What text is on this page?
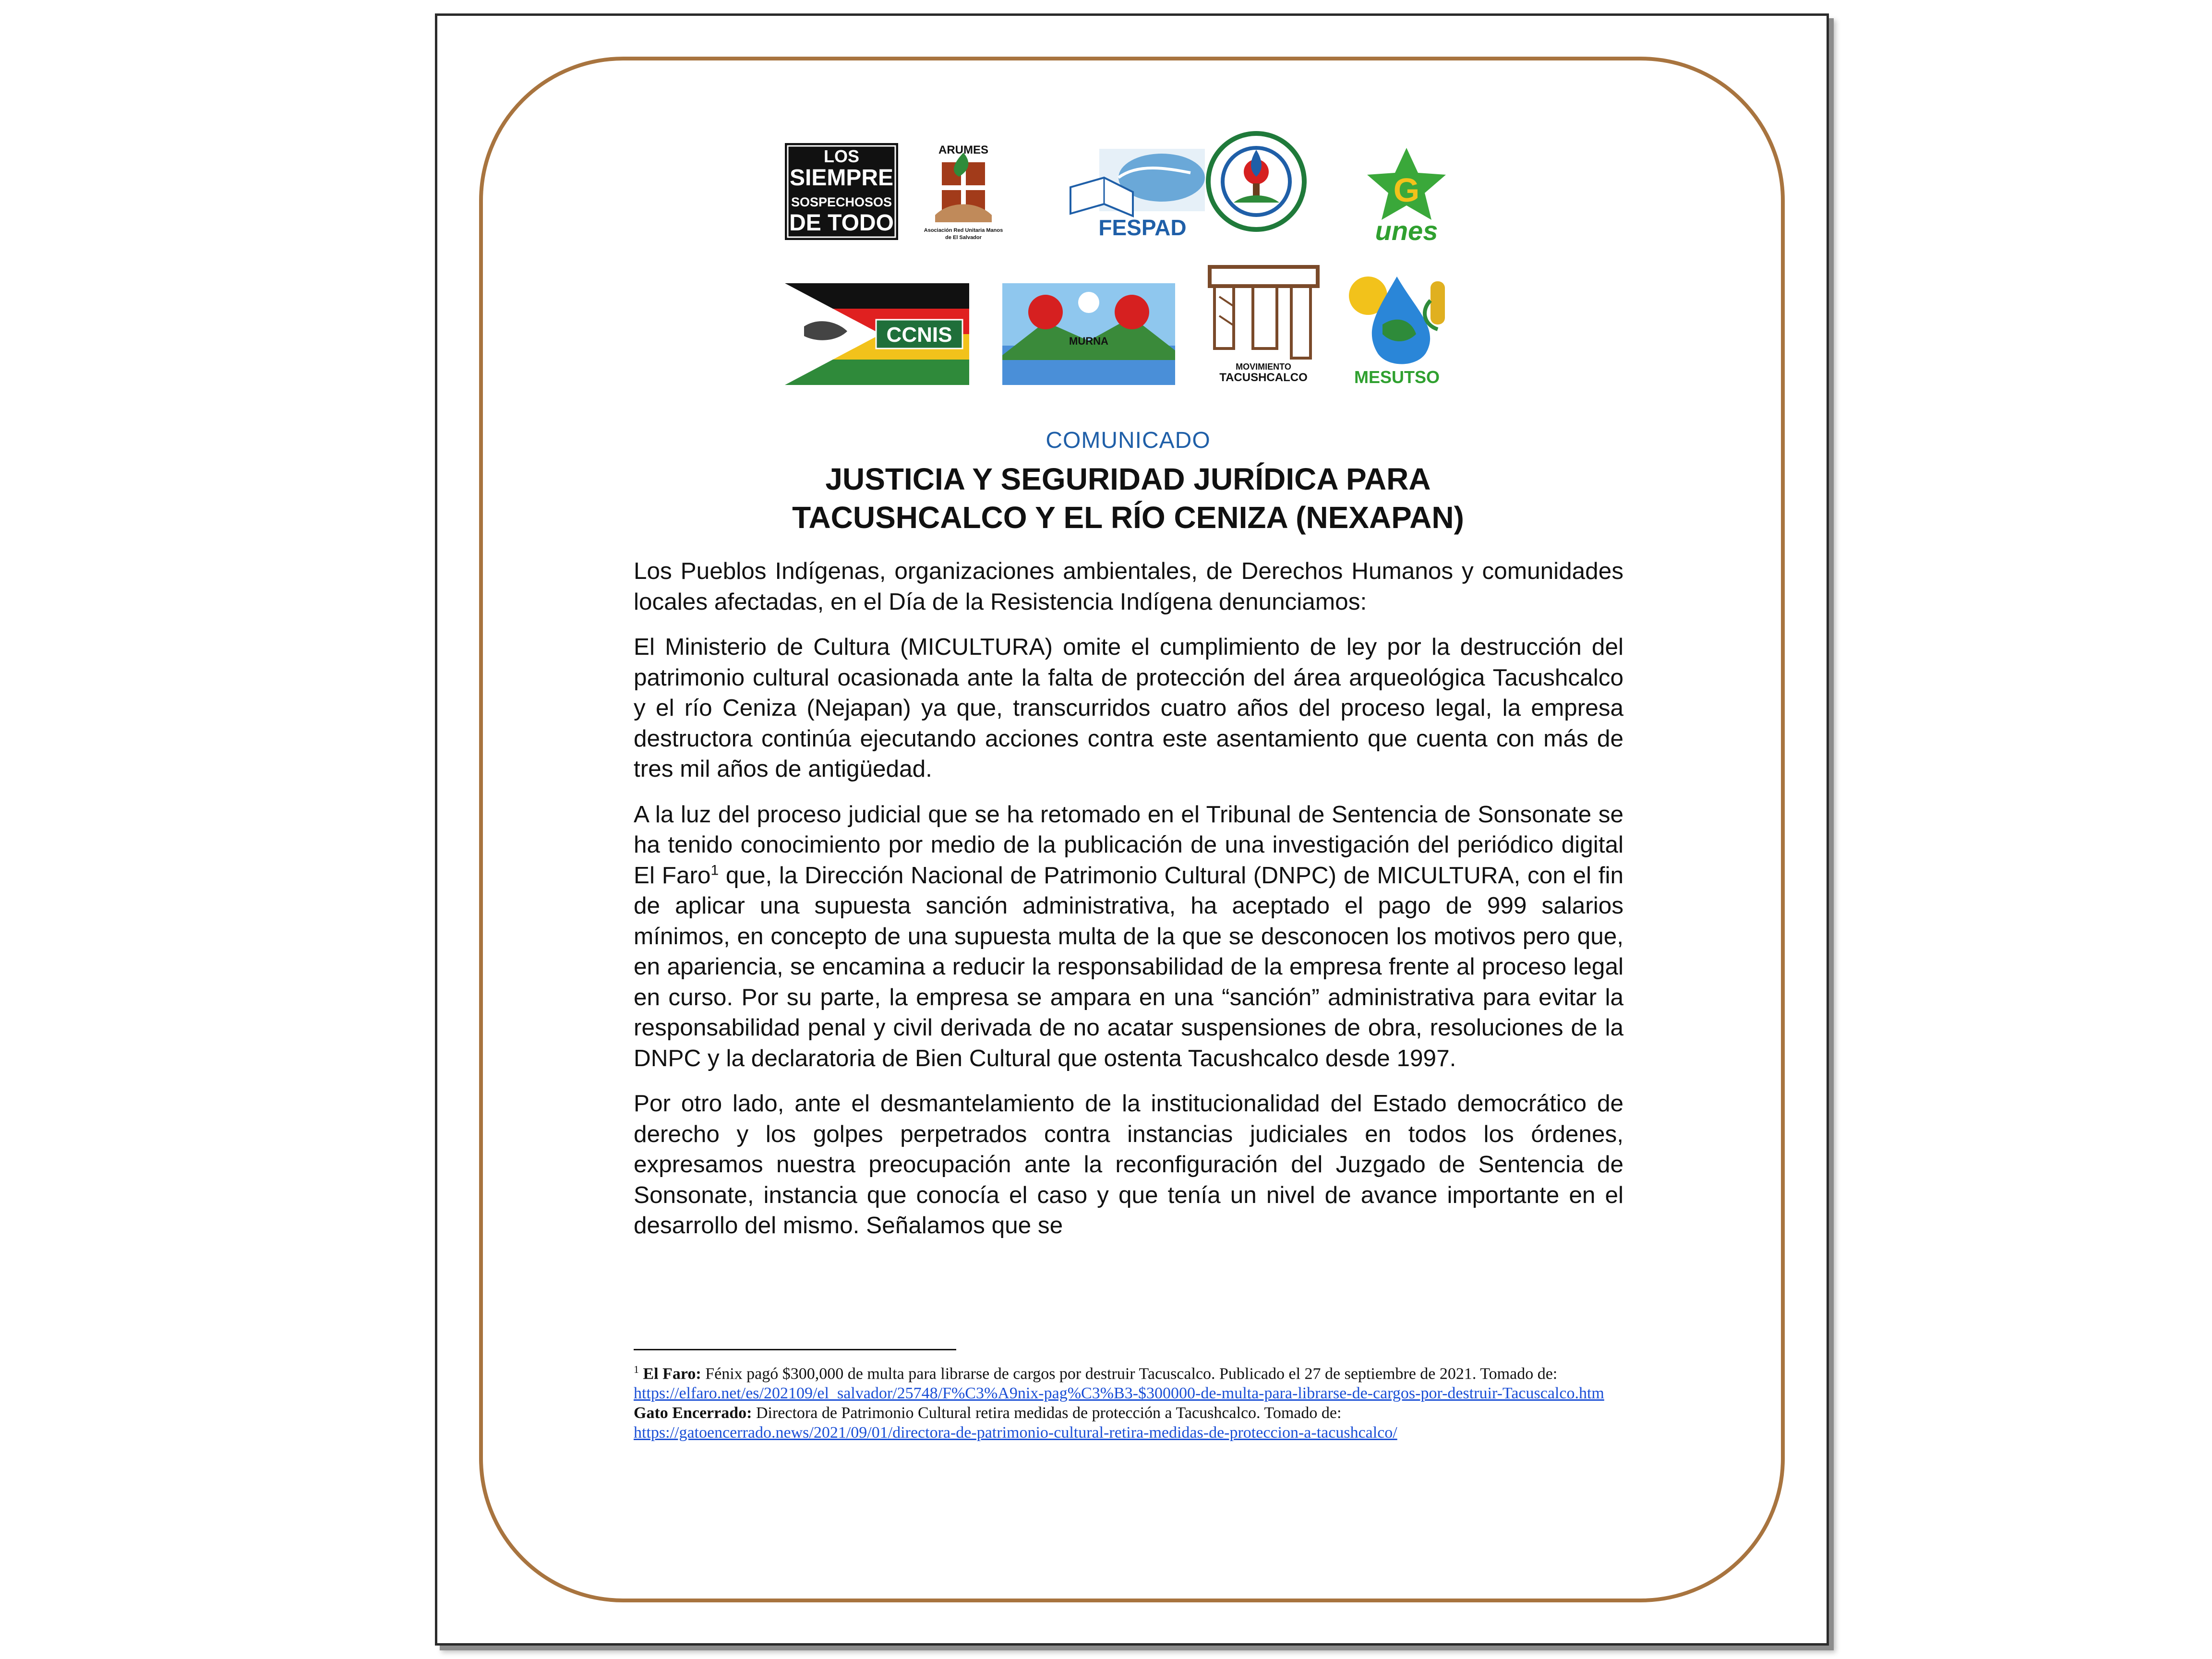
LOS
SIEMPRE
SOSPECHOSOS
DE TODO
ARUMES
Asociación Red Unitaria Manos
de El Salvador	FESPAD
G
unes
CCNIS	MURNA
MOVIMIENTO
TACUSHCALCO	MESUTSO
COMUNICADO
JUSTICIA Y SEGURIDAD JURÍDICA PARA
TACUSHCALCO Y EL RÍO CENIZA (NEXAPAN)

Los Pueblos Indígenas, organizaciones ambientales, de Derechos Humanos y comunidades locales afectadas, en el Día de la Resistencia Indígena denunciamos:

El Ministerio de Cultura (MICULTURA) omite el cumplimiento de ley por la destrucción del patrimonio cultural ocasionada ante la falta de protección del área arqueológica Tacushcalco y el río Ceniza (Nejapan) ya que, transcurridos cuatro años del proceso legal, la empresa destructora continúa ejecutando acciones contra este asentamiento que cuenta con más de tres mil años de antigüedad.

A la luz del proceso judicial que se ha retomado en el Tribunal de Sentencia de Sonsonate se ha tenido conocimiento por medio de la publicación de una investigación del periódico digital El Faro$^1$ que, la Dirección Nacional de Patrimonio Cultural (DNPC) de MICULTURA, con el fin de aplicar una supuesta sanción administrativa, ha aceptado el pago de 999 salarios mínimos, en concepto de una supuesta multa de la que se desconocen los motivos pero que, en apariencia, se encamina a reducir la responsabilidad de la empresa frente al proceso legal en curso. Por su parte, la empresa se ampara en una “sanción” administrativa para evitar la responsabilidad penal y civil derivada de no acatar suspensiones de obra, resoluciones de la DNPC y la declaratoria de Bien Cultural que ostenta Tacushcalco desde 1997.

Por otro lado, ante el desmantelamiento de la institucionalidad del Estado democrático de derecho y los golpes perpetrados contra instancias judiciales en todos los órdenes, expresamos nuestra preocupación ante la reconfiguración del Juzgado de Sentencia de Sonsonate, instancia que conocía el caso y que tenía un nivel de avance importante en el desarrollo del mismo. Señalamos que se

$^1$ El Faro: Fénix pagó $300,000 de multa para librarse de cargos por destruir Tacuscalco. Publicado el 27 de septiembre de 2021. Tomado de: https://elfaro.net/es/202109/el_salvador/25748/F%C3%A9nix-pag%C3%B3-$300000-de-multa-para-librarse-de-cargos-por-destruir-Tacuscalco.htm

Gato Encerrado: Directora de Patrimonio Cultural retira medidas de protección a Tacushcalco. Tomado de: https://gatoencerrado.news/2021/09/01/directora-de-patrimonio-cultural-retira-medidas-de-proteccion-a-tacushcalco/
